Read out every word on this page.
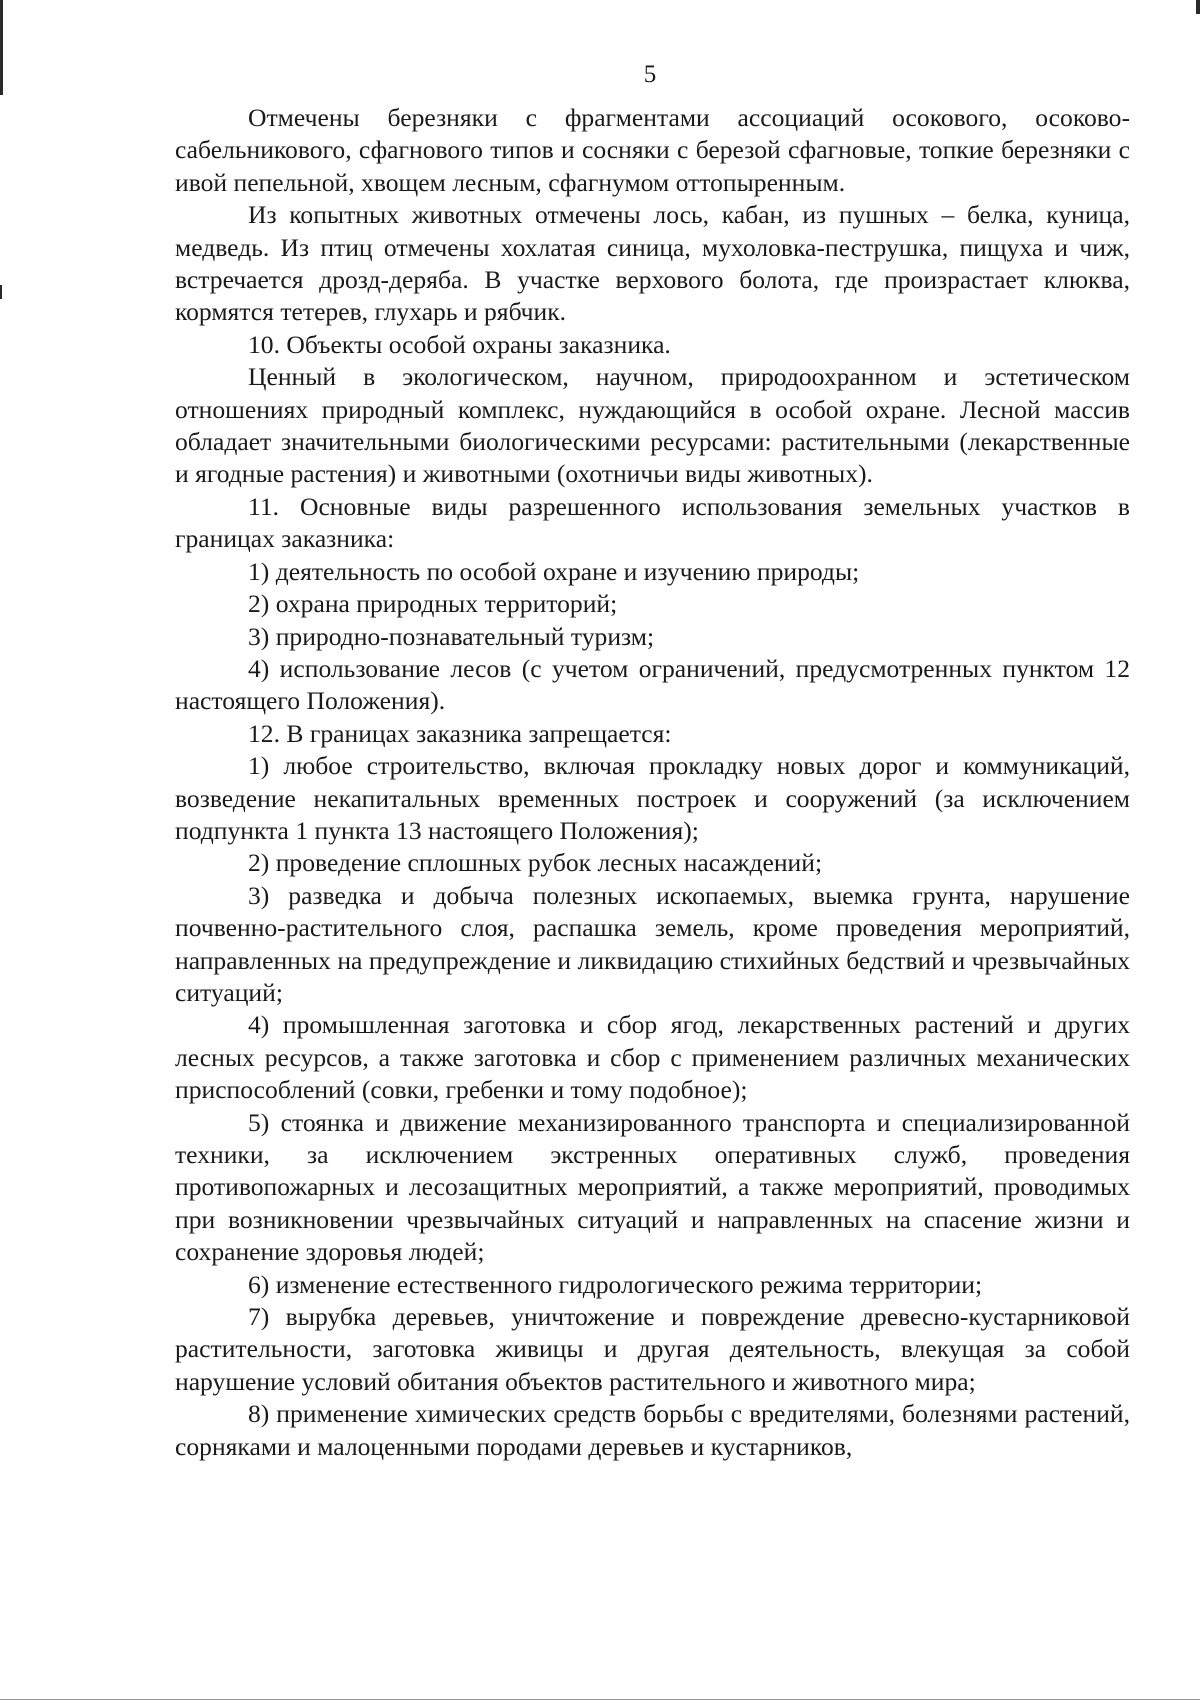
5

Отмечены березняки с фрагментами ассоциаций осокового, осоково-сабельникового, сфагнового типов и сосняки с березой сфагновые, топкие березняки с ивой пепельной, хвощем лесным, сфагнумом оттопыренным.

Из копытных животных отмечены лось, кабан, из пушных – белка, куница, медведь. Из птиц отмечены хохлатая синица, мухоловка-пеструшка, пищуха и чиж, встречается дрозд-деряба. В участке верхового болота, где произрастает клюква, кормятся тетерев, глухарь и рябчик.

10. Объекты особой охраны заказника.

Ценный в экологическом, научном, природоохранном и эстетическом отношениях природный комплекс, нуждающийся в особой охране. Лесной массив обладает значительными биологическими ресурсами: растительными (лекарственные и ягодные растения) и животными (охотничьи виды животных).

11. Основные виды разрешенного использования земельных участков в границах заказника:

1) деятельность по особой охране и изучению природы;

2) охрана природных территорий;

3) природно-познавательный туризм;

4) использование лесов (с учетом ограничений, предусмотренных пунктом 12 настоящего Положения).

12. В границах заказника запрещается:

1) любое строительство, включая прокладку новых дорог и коммуникаций, возведение некапитальных временных построек и сооружений (за исключением подпункта 1 пункта 13 настоящего Положения);

2) проведение сплошных рубок лесных насаждений;

3) разведка и добыча полезных ископаемых, выемка грунта, нарушение почвенно-растительного слоя, распашка земель, кроме проведения мероприятий, направленных на предупреждение и ликвидацию стихийных бедствий и чрезвычайных ситуаций;

4) промышленная заготовка и сбор ягод, лекарственных растений и других лесных ресурсов, а также заготовка и сбор с применением различных механических приспособлений (совки, гребенки и тому подобное);

5) стоянка и движение механизированного транспорта и специализированной техники, за исключением экстренных оперативных служб, проведения противопожарных и лесозащитных мероприятий, а также мероприятий, проводимых при возникновении чрезвычайных ситуаций и направленных на спасение жизни и сохранение здоровья людей;

6) изменение естественного гидрологического режима территории;

7) вырубка деревьев, уничтожение и повреждение древесно-кустарниковой растительности, заготовка живицы и другая деятельность, влекущая за собой нарушение условий обитания объектов растительного и животного мира;

8) применение химических средств борьбы с вредителями, болезнями растений, сорняками и малоценными породами деревьев и кустарников,
